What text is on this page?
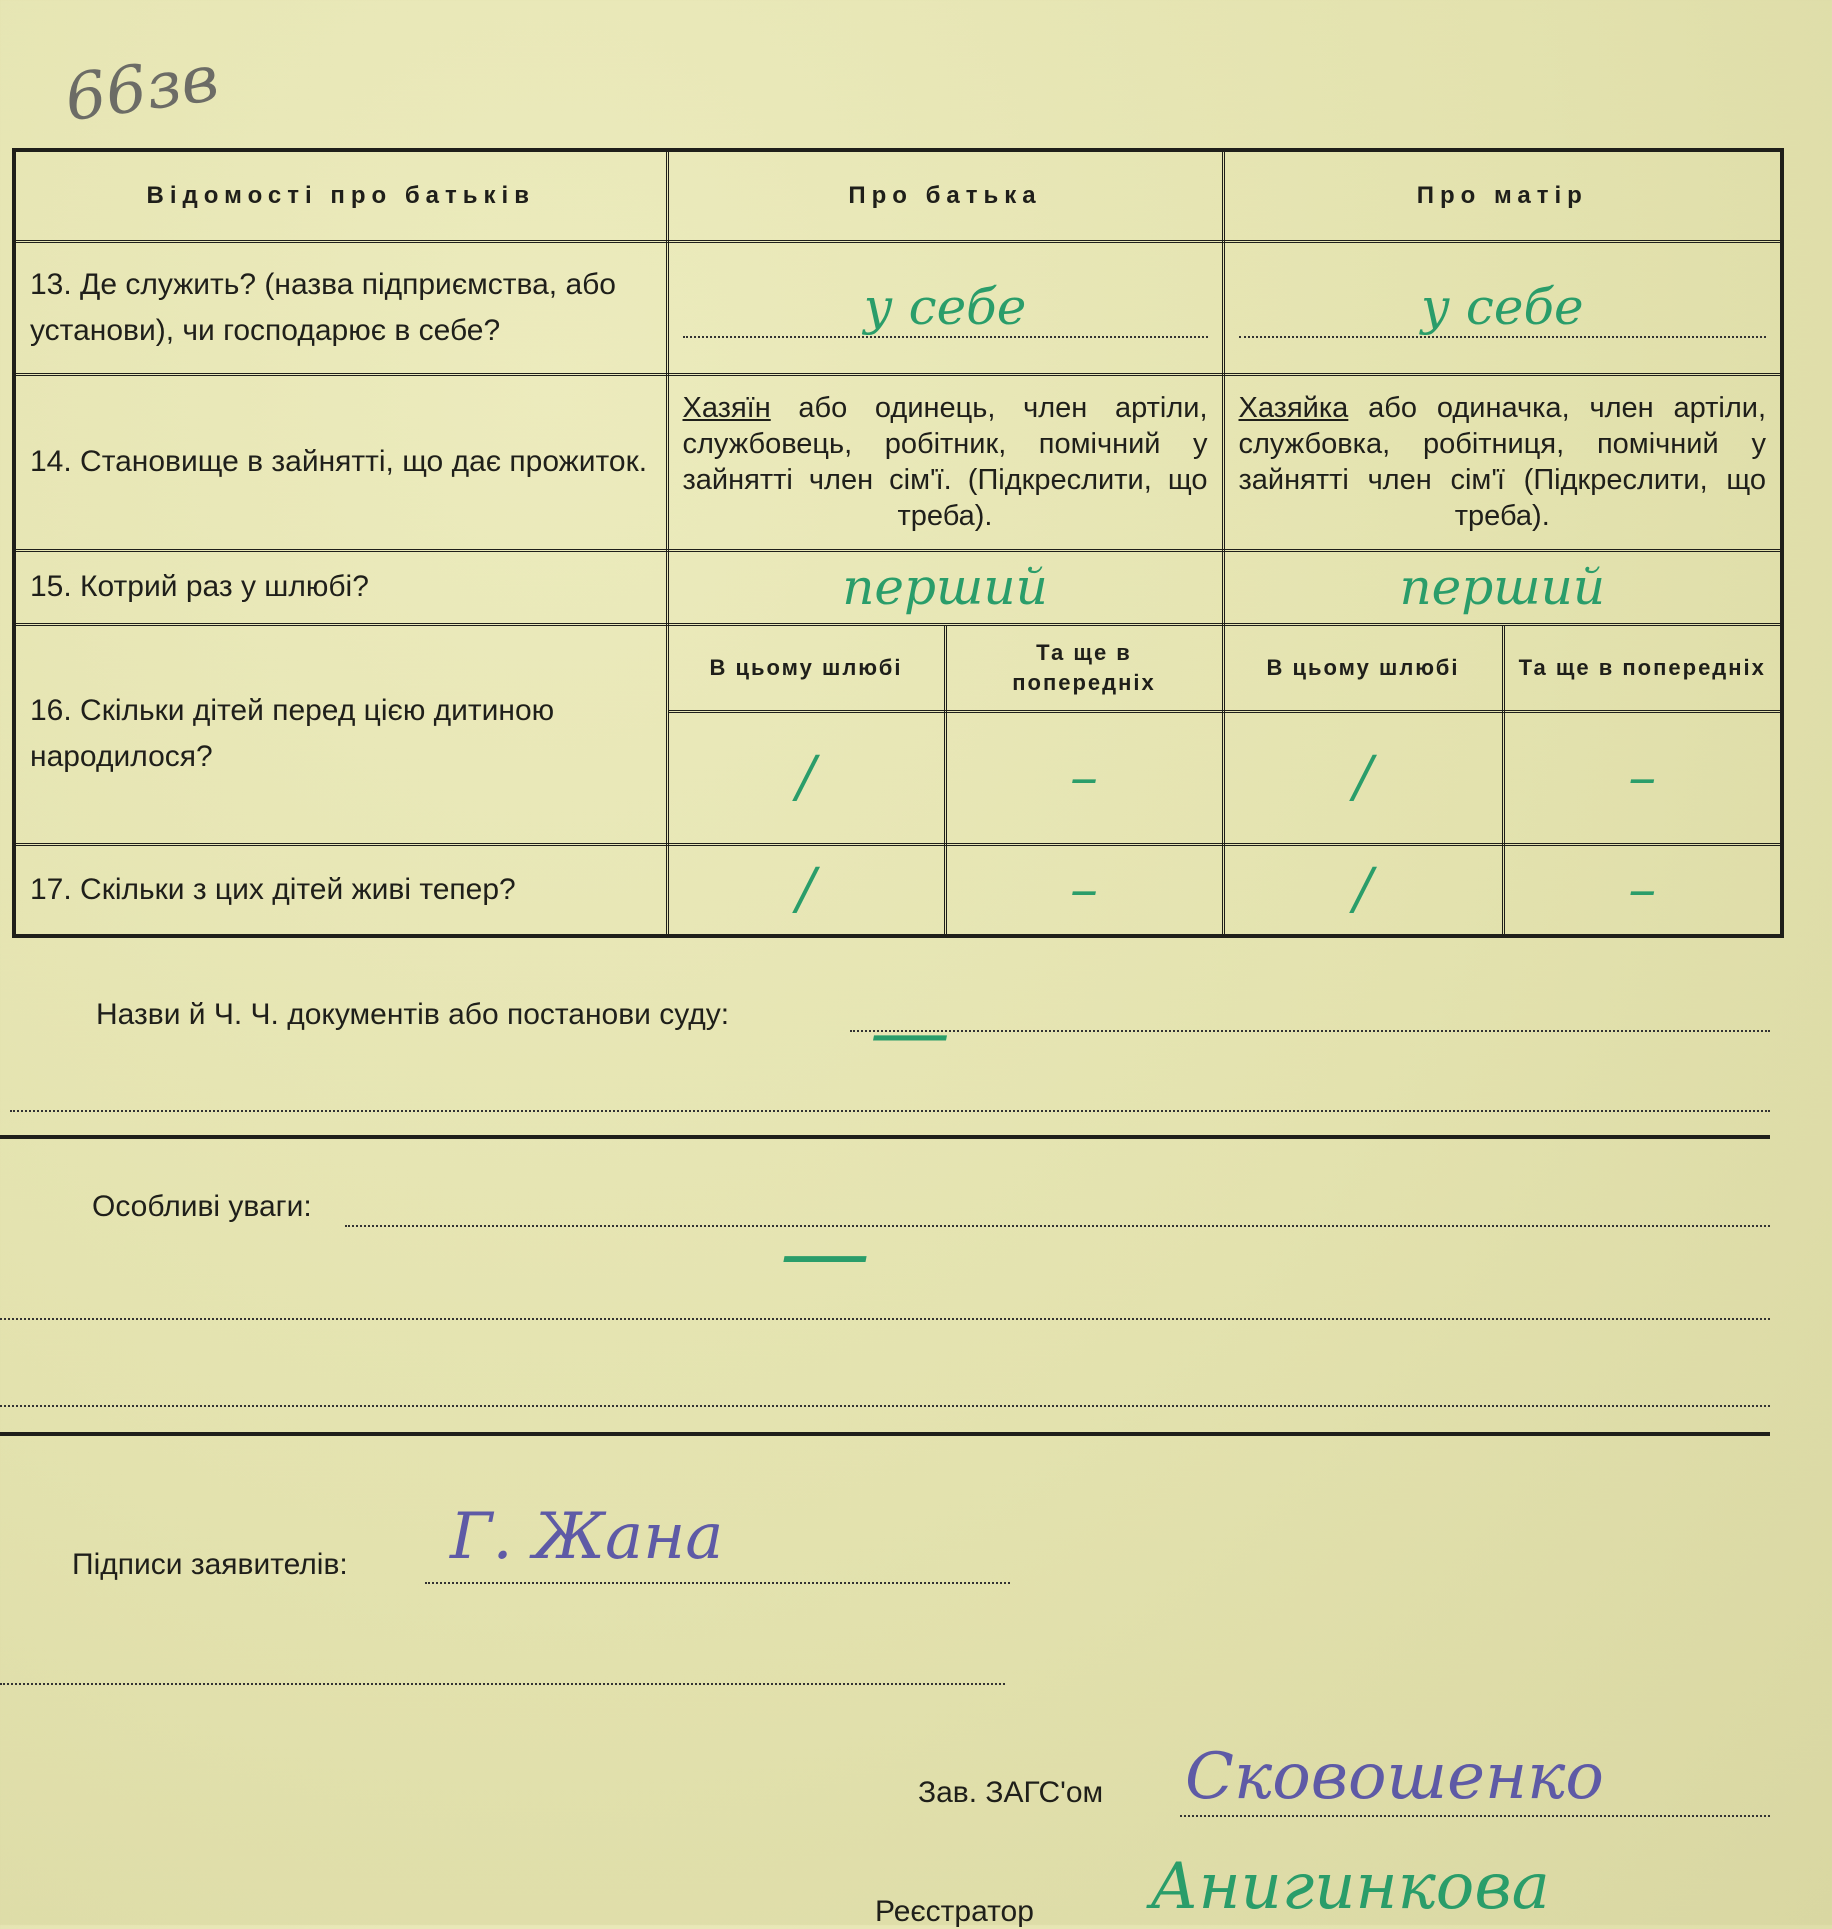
66зв
Відомості про батьків	Про батька		Про матір	
13. Де служить? (назва підприємства, або установи), чи господарює в себе?	у себе		у себе	

14. Становище в зайнятті, що дає прожиток.	Хазяїн або одинець, член артіли, службовець, робітник, помічний у зайнятті член сім'ї. (Підкреслити, що треба).		Хазяйка або одиначка, член артіли, службовка, робітниця, помічний у зайнятті член сім'ї (Підкреслити, що треба).	
15. Котрий раз у шлюбі?	перший		перший	
16. Скільки дітей перед цією дитиною народилося?	В цьому шлюбі	Та ще в попередніх	В цьому шлюбі	Та ще в попередніх
	/	–	/	–
17. Скільки з цих дітей живі тепер?	/	–	/	–
Назви й Ч. Ч. документів або постанови суду: —
Особливі уваги:	—
Підписи заявителів: Г. Жана
Зав. ЗАГС'ом Сковошенко
Реєстратор Анигинкова
